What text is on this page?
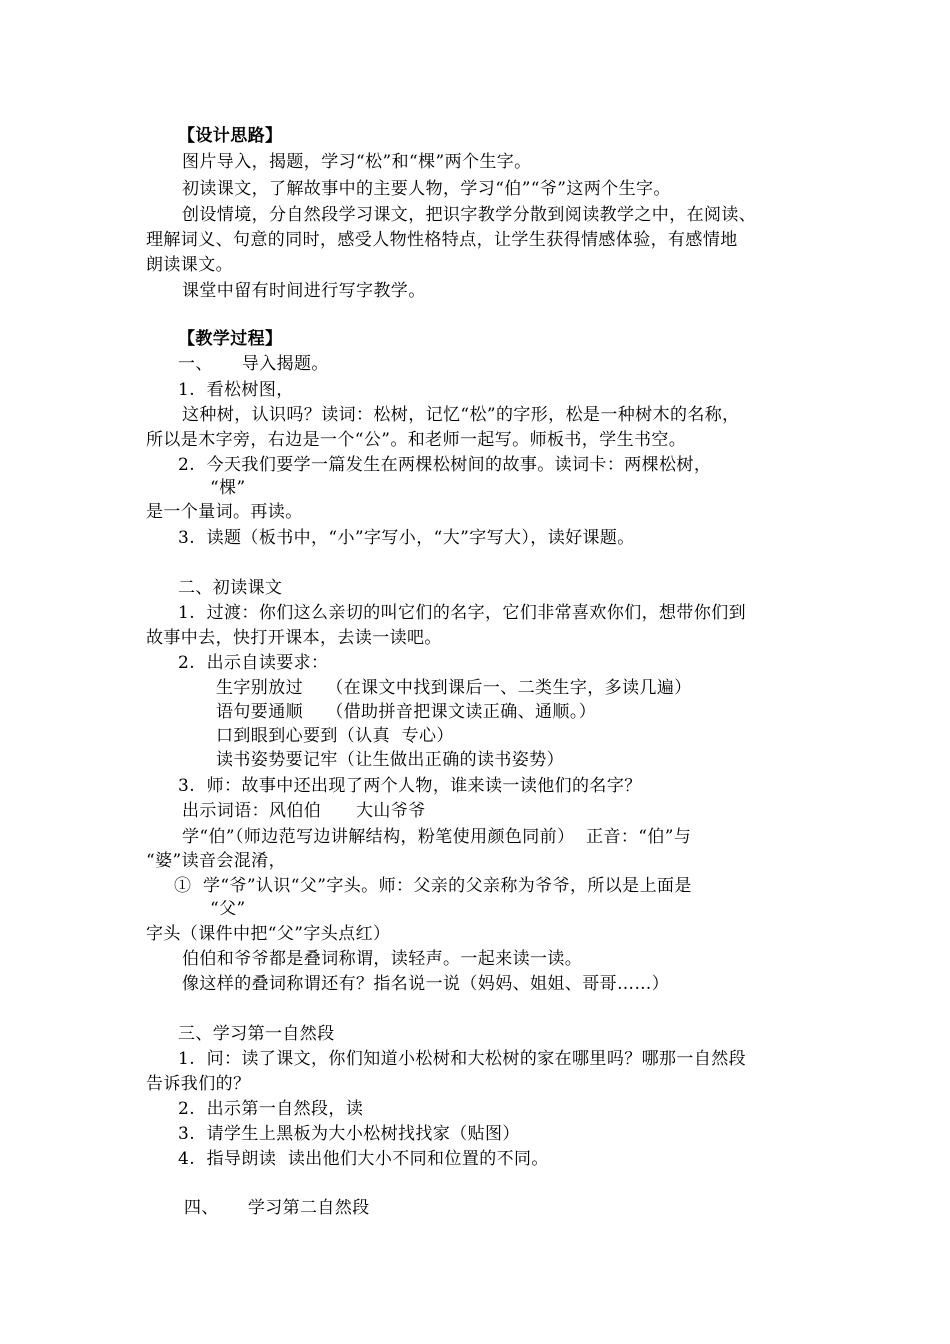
【设计思路】

图片导入，揭题，学习“松”和“棵”两个生字。

初读课文，了解故事中的主要人物，学习“伯”“爷”这两个生字。

创设情境，分自然段学习课文，把识字教学分散到阅读教学之中，在阅读、

理解词义、句意的同时，感受人物性格特点，让学生获得情感体验，有感情地

朗读课文。

课堂中留有时间进行写字教学。

【教学过程】

一、     导入揭题。

1.  看松树图，

这种树，认识吗？读词：松树，记忆“松”的字形，松是一种树木的名称，

所以是木字旁，右边是一个“公”。和老师一起写。师板书，学生书空。

2.  今天我们要学一篇发生在两棵松树间的故事。读词卡：两棵松树，

“棵”

是一个量词。再读。

3.  读题（板书中，“小”字写小，“大”字写大），读好课题。

二、初读课文

1.  过渡：你们这么亲切的叫它们的名字，它们非常喜欢你们，想带你们到

故事中去，快打开课本，去读一读吧。

2.  出示自读要求：

生字别放过    （在课文中找到课后一、二类生字，多读几遍）

语句要通顺    （借助拼音把课文读正确、通顺。）

口到眼到心要到（认真  专心）

读书姿势要记牢（让生做出正确的读书姿势）

3.  师：故事中还出现了两个人物，谁来读一读他们的名字？

出示词语：风伯伯      大山爷爷

学“伯”（师边范写边讲解结构，粉笔使用颜色同前）  正音：“伯”与

“婆”读音会混淆，

①  学“爷”认识“父”字头。师：父亲的父亲称为爷爷，所以是上面是

“父”

字头（课件中把“父”字头点红）

伯伯和爷爷都是叠词称谓，读轻声。一起来读一读。

像这样的叠词称谓还有？指名说一说（妈妈、姐姐、哥哥……）

三、学习第一自然段

1.  问：读了课文，你们知道小松树和大松树的家在哪里吗？哪那一自然段

告诉我们的？

2.  出示第一自然段，读

3.  请学生上黑板为大小松树找找家（贴图）

4.  指导朗读  读出他们大小不同和位置的不同。

四、     学习第二自然段
